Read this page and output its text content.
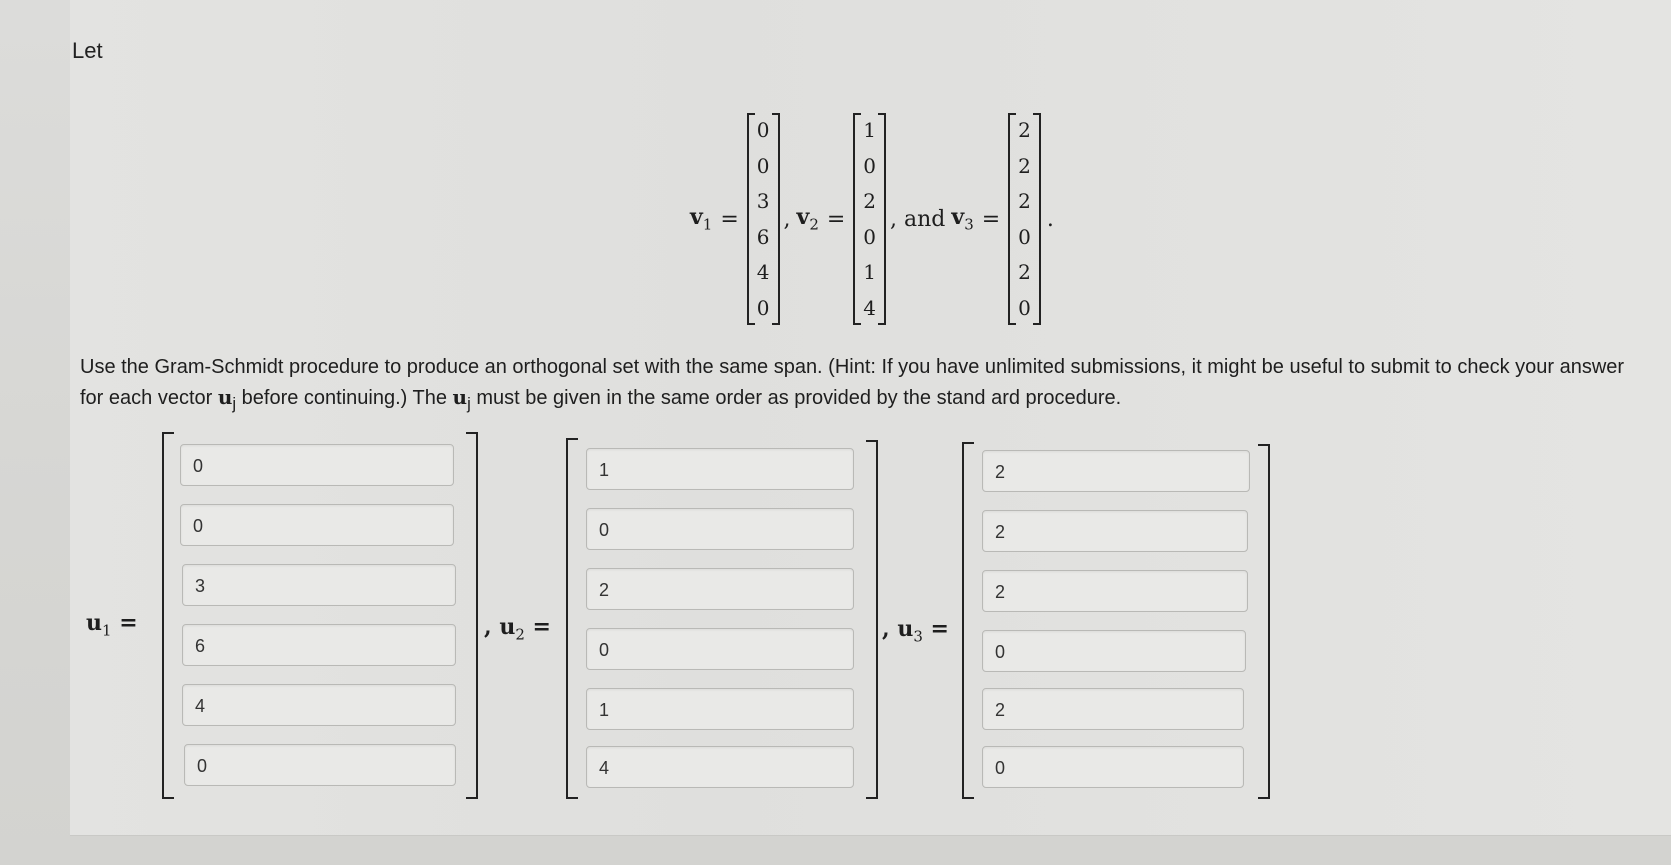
Let
$v_1$ =
0
0
3
6
4
0
, $v_2$ =
1
0
2
0
1
4
, and $v_3$ =
2
2
2
0
2
0
.
Use the Gram-Schmidt procedure to produce an orthogonal set with the same span. (Hint: If you have unlimited submissions, it might be useful to submit to check your answer for each vector $u_j$ before continuing.) The $u_j$ must be given in the same order as provided by the stand ard procedure.
$u_1$ =
0
0
3
6
4
0
, $u_2$ =
1
0
2
0
1
4
, $u_3$ =
2
2
2
0
2
0
